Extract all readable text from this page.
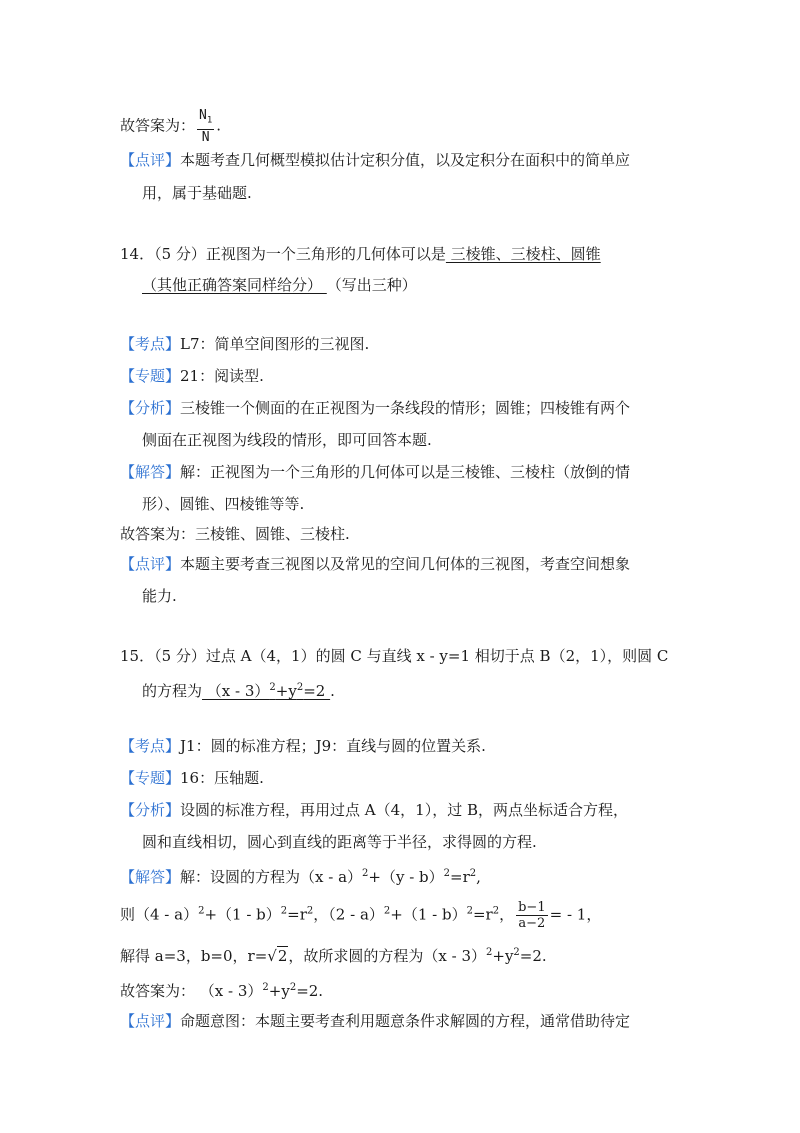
故答案为： $\frac{N_1}{N}$ .
【点评】本题考查几何概型模拟估计定积分值，以及定积分在面积中的简单应
用，属于基础题.
14．（5 分）正视图为一个三角形的几何体可以是 三棱锥、三棱柱、圆锥
（其他正确答案同样给分） （写出三种）
【考点】L7：简单空间图形的三视图.
【专题】21：阅读型.
【分析】三棱锥一个侧面的在正视图为一条线段的情形；圆锥；四棱锥有两个
侧面在正视图为线段的情形，即可回答本题.
【解答】解：正视图为一个三角形的几何体可以是三棱锥、三棱柱（放倒的情
形）、圆锥、四棱锥等等.
故答案为：三棱锥、圆锥、三棱柱.
【点评】本题主要考查三视图以及常见的空间几何体的三视图，考查空间想象
能力.
15．（5 分）过点 A（4，1）的圆 C 与直线 x - y=1 相切于点 B（2，1），则圆 C
的方程为 $(x - 3)^2+y^2=2$ .
【考点】J1：圆的标准方程；J9：直线与圆的位置关系.
【专题】16：压轴题.
【分析】设圆的标准方程，再用过点 A（4，1），过 B，两点坐标适合方程，
圆和直线相切，圆心到直线的距离等于半径，求得圆的方程.
【解答】解：设圆的方程为$(x - a)^2+(y - b)^2=r^2$,
则$(4 - a)^2+(1 - b)^2=r^2$，$(2 - a)^2+(1 - b)^2=r^2$， $\frac{b-1}{a-2}$ = - 1，
解得 a=3，b=0，r=√2，故所求圆的方程为$(x - 3)^2+y^2=2$.
故答案为： $(x - 3)^2+y^2=2$.
【点评】命题意图：本题主要考查利用题意条件求解圆的方程，通常借助待定
